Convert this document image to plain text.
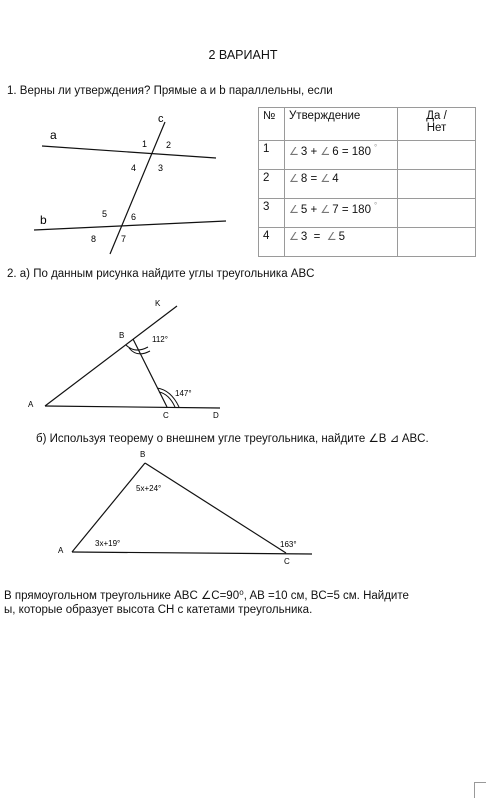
2 ВАРИАНТ
1. Верны ли утверждения? Прямые a и b параллельны, если
a
b
c
1 2
4 3
5	6
8	7
№	Утверждение	Да /
Нет
1	∠ 3 + ∠ 6 = 180 °	
2	∠ 8 = ∠ 4	
3	∠ 5 + ∠ 7 = 180 °	
4	∠ 3  =  ∠ 5	
2. а) По данным рисунка найдите углы треугольника ABC
K
B
A
C	D
112°
147°
б) Используя теорему о внешнем угле треугольника, найдите ∠B ⊿ ABC.
B
A
C
5x+24°
3x+19°	163°
В прямоугольном треугольнике ABC ∠C=90⁰, AB =10 см, BC=5 см. Найдите
ы, которые образует высота CH с катетами треугольника.
